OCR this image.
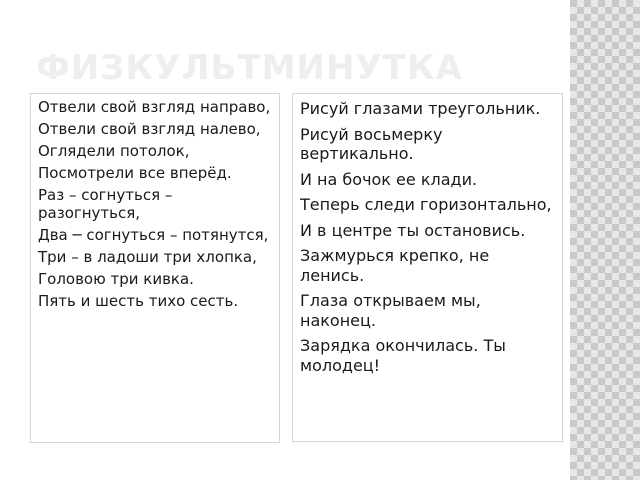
ФИЗКУЛЬТМИНУТКА
Отвели свой взгляд направо,
Отвели свой взгляд налево,
Оглядели потолок,
Посмотрели все вперёд.
Раз – согнуться – разогнуться,
Два ─ согнуться – потянутся,
Три – в ладоши три хлопка,
Головою три кивка.
Пять и шесть тихо сесть.
Рисуй глазами треугольник.
Рисуй восьмерку вертикально.
И на бочок ее клади.
Теперь следи горизонтально,
И в центре ты остановись.
Зажмурься крепко, не ленись.
Глаза открываем мы, наконец.
Зарядка окончилась. Ты молодец!
